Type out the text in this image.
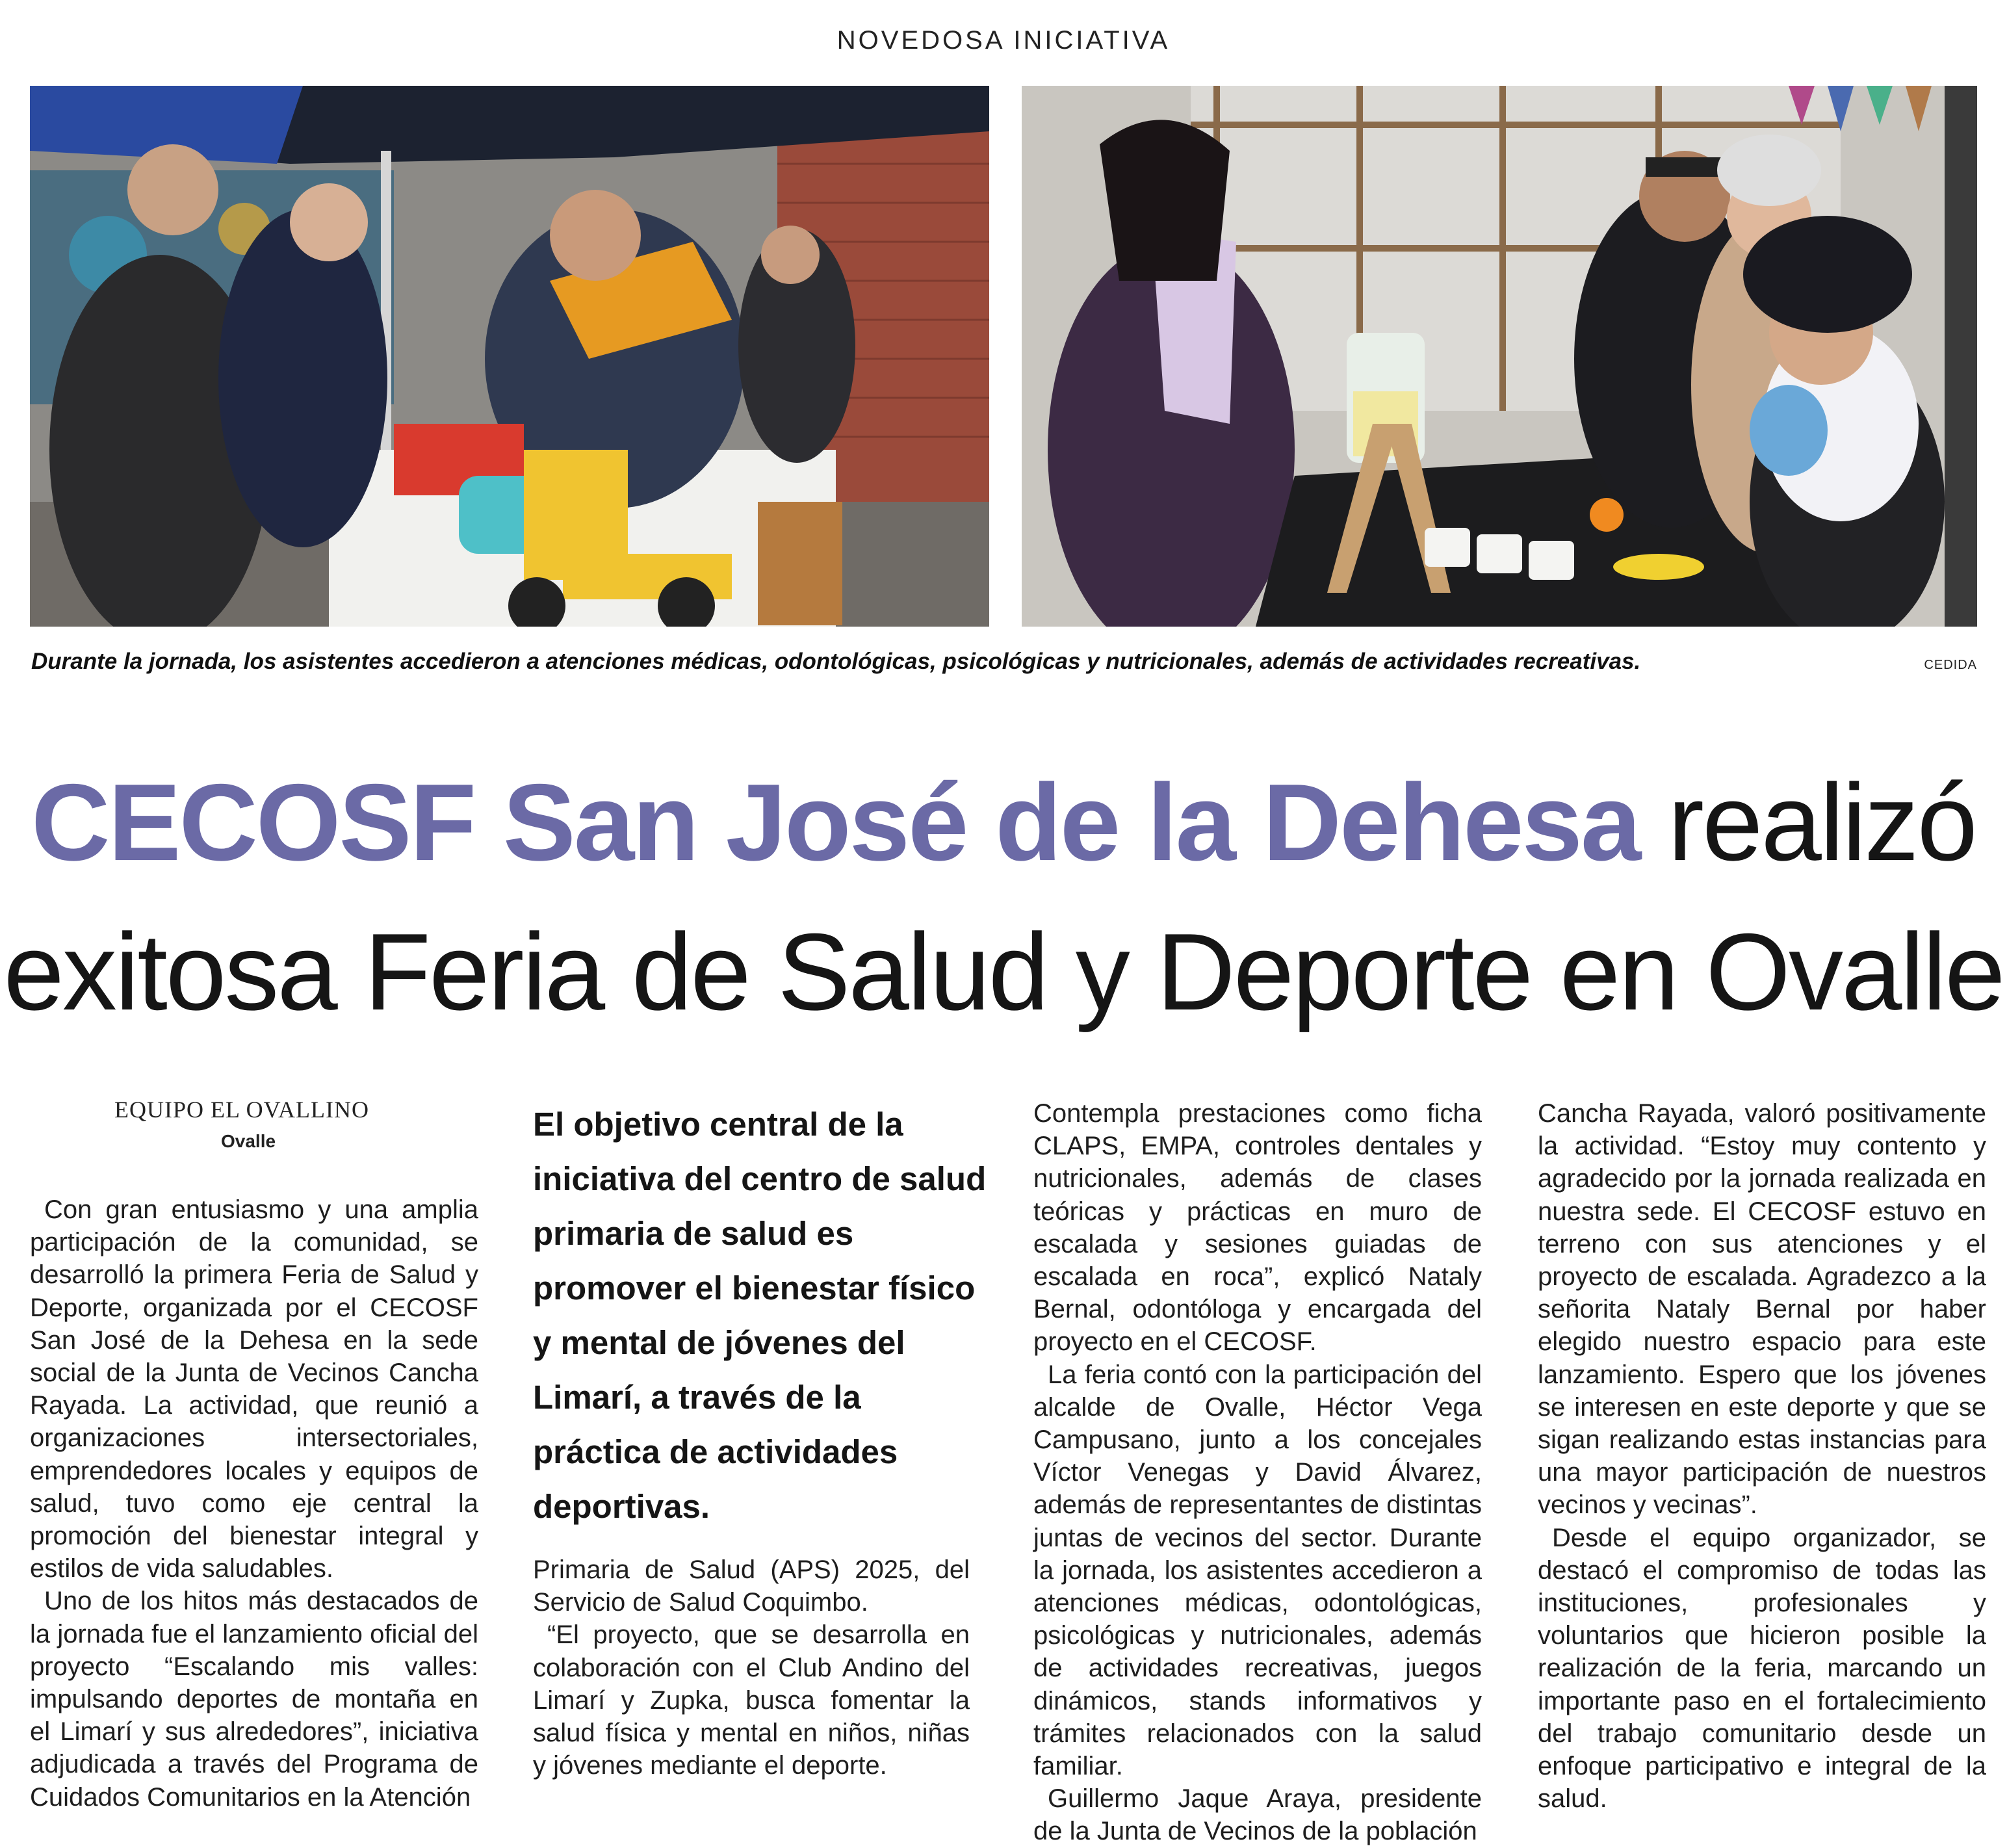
NOVEDOSA INICIATIVA
Durante la jornada, los asistentes accedieron a atenciones médicas, odontológicas, psicológicas y nutricionales, además de actividades recreativas.	CEDIDA
CECOSF San José de la Dehesa realizó
exitosa Feria de Salud y Deporte en Ovalle
EQUIPO EL OVALLINO
Ovalle

Con gran entusiasmo y una amplia participación de la comunidad, se desarrolló la primera Feria de Salud y Deporte, organizada por el CECOSF San José de la Dehesa en la sede social de la Junta de Vecinos Cancha Rayada. La actividad, que reunió a organizaciones intersectoriales, emprendedores locales y equipos de salud, tuvo como eje central la promoción del bienestar integral y estilos de vida saludables.

Uno de los hitos más destacados de la jornada fue el lanzamiento oficial del proyecto “Escalando mis valles: impulsando deportes de montaña en el Limarí y sus alrededores”, iniciativa adjudicada a través del Programa de Cuidados Comunitarios en la Atención

El objetivo central de la iniciativa del centro de salud primaria de salud es promover el bienestar físico y mental de jóvenes del Limarí, a través de la práctica de actividades deportivas.

Primaria de Salud (APS) 2025, del Servicio de Salud Coquimbo.

“El proyecto, que se desarrolla en colaboración con el Club Andino del Limarí y Zupka, busca fomentar la salud física y mental en niños, niñas y jóvenes mediante el deporte.

Contempla prestaciones como ficha CLAPS, EMPA, controles dentales y nutricionales, además de clases teóricas y prácticas en muro de escalada y sesiones guiadas de escalada en roca”, explicó Nataly Bernal, odontóloga y encargada del proyecto en el CECOSF.

La feria contó con la participación del alcalde de Ovalle, Héctor Vega Campusano, junto a los concejales Víctor Venegas y David Álvarez, además de representantes de distintas juntas de vecinos del sector. Durante la jornada, los asistentes accedieron a atenciones médicas, odontológicas, psicológicas y nutricionales, además de actividades recreativas, juegos dinámicos, stands informativos y trámites relacionados con la salud familiar.

Guillermo Jaque Araya, presidente de la Junta de Vecinos de la población

Cancha Rayada, valoró positivamente la actividad. “Estoy muy contento y agradecido por la jornada realizada en nuestra sede. El CECOSF estuvo en terreno con sus atenciones y el proyecto de escalada. Agradezco a la señorita Nataly Bernal por haber elegido nuestro espacio para este lanzamiento. Espero que los jóvenes se interesen en este deporte y que se sigan realizando estas instancias para una mayor participación de nuestros vecinos y vecinas”.

Desde el equipo organizador, se destacó el compromiso de todas las instituciones, profesionales y voluntarios que hicieron posible la realización de la feria, marcando un importante paso en el fortalecimiento del trabajo comunitario desde un enfoque participativo e integral de la salud.
